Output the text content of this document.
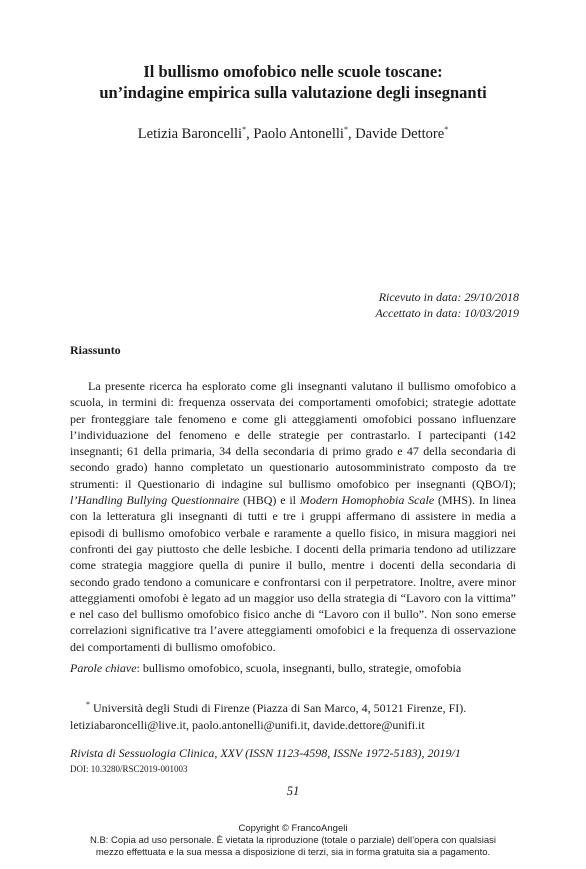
Il bullismo omofobico nelle scuole toscane:
un’indagine empirica sulla valutazione degli insegnanti
Letizia Baroncelli*, Paolo Antonelli*, Davide Dettore*
Ricevuto in data: 29/10/2018
Accettato in data: 10/03/2019
Riassunto

La presente ricerca ha esplorato come gli insegnanti valutano il bullismo omofobico a scuola, in termini di: frequenza osservata dei comportamenti omofobici; strategie adottate per fronteggiare tale fenomeno e come gli atteggiamenti omofobici possano influenzare l’individuazione del fenomeno e delle strategie per contrastarlo. I partecipanti (142 insegnanti; 61 della primaria, 34 della secondaria di primo grado e 47 della secondaria di secondo grado) hanno completato un questionario autosomministrato composto da tre strumenti: il Questionario di indagine sul bullismo omofobico per insegnanti (QBO/I); l’Handling Bullying Questionnaire (HBQ) e il Modern Homophobia Scale (MHS). In linea con la letteratura gli insegnanti di tutti e tre i gruppi affermano di assistere in media a episodi di bullismo omofobico verbale e raramente a quello fisico, in misura maggiori nei confronti dei gay piuttosto che delle lesbiche. I docenti della primaria tendono ad utilizzare come strategia maggiore quella di punire il bullo, mentre i docenti della secondaria di secondo grado tendono a comunicare e confrontarsi con il perpetratore. Inoltre, avere minor atteggiamenti omofobi è legato ad un maggior uso della strategia di “Lavoro con la vittima” e nel caso del bullismo omofobico fisico anche di “Lavoro con il bullo”. Non sono emerse correlazioni significative tra l’avere atteggiamenti omofobici e la frequenza di osservazione dei comportamenti di bullismo omofobico.

Parole chiave: bullismo omofobico, scuola, insegnanti, bullo, strategie, omofobia

* Università degli Studi di Firenze (Piazza di San Marco, 4, 50121 Firenze, FI).
letiziabaroncelli@live.it, paolo.antonelli@unifi.it, davide.dettore@unifi.it
Rivista di Sessuologia Clinica, XXV (ISSN 1123-4598, ISSNe 1972-5183), 2019/1
DOI: 10.3280/RSC2019-001003
51
Copyright © FrancoAngeli
N.B: Copia ad uso personale. È vietata la riproduzione (totale o parziale) dell’opera con qualsiasi
mezzo effettuata e la sua messa a disposizione di terzi, sia in forma gratuita sia a pagamento.
